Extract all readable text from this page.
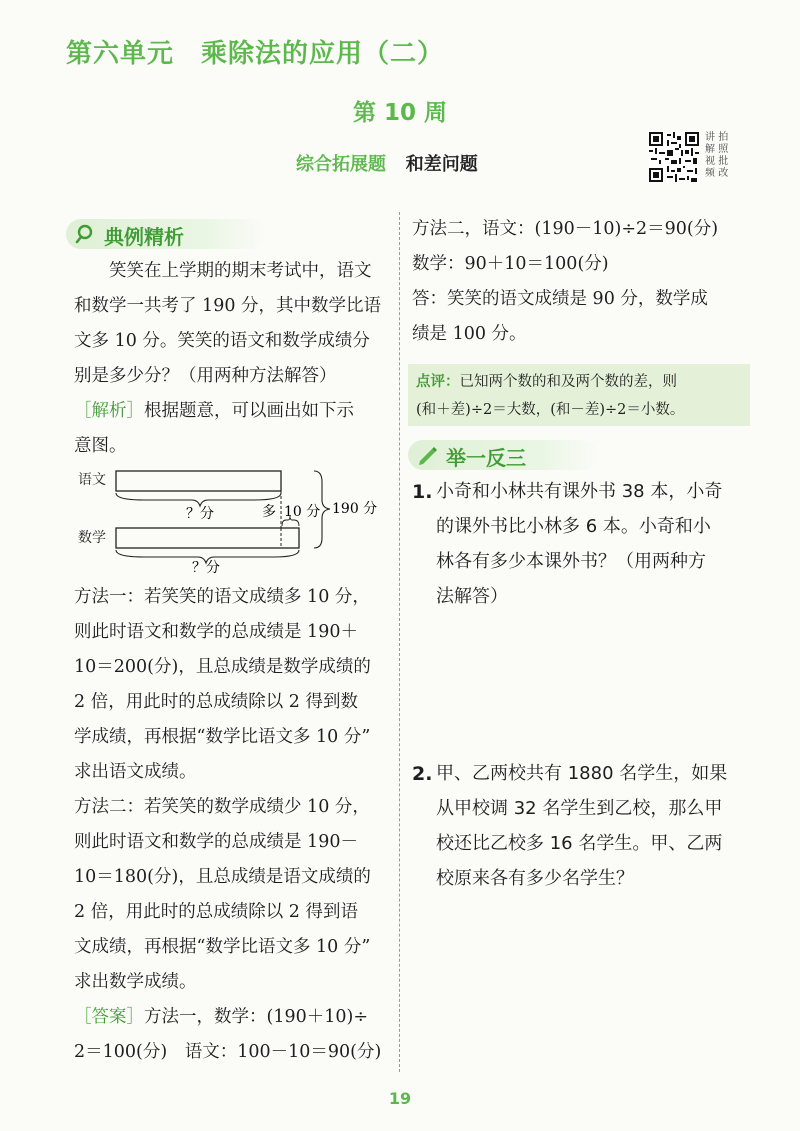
第六单元　乘除法的应用（二）
第 10 周
综合拓展题 和差问题
讲 拍
解 照
视 批
频 改
典例精析
笑笑在上学期的期末考试中，语文
和数学一共考了 190 分，其中数学比语
文多 10 分。笑笑的语文和数学成绩分
别是多少分？（用两种方法解答）
［解析］根据题意，可以画出如下示
意图。
语文
数学
？分
？分
多 10 分 190 分
方法一：若笑笑的语文成绩多 10 分，
则此时语文和数学的总成绩是 190＋
10＝200(分)，且总成绩是数学成绩的
2 倍，用此时的总成绩除以 2 得到数
学成绩，再根据“数学比语文多 10 分”
求出语文成绩。
方法二：若笑笑的数学成绩少 10 分，
则此时语文和数学的总成绩是 190－
10＝180(分)，且总成绩是语文成绩的
2 倍，用此时的总成绩除以 2 得到语
文成绩，再根据“数学比语文多 10 分”
求出数学成绩。
［答案］方法一，数学：(190＋10)÷
2＝100(分)　语文：100－10＝90(分)
方法二，语文：(190－10)÷2＝90(分)
数学：90＋10＝100(分)
答：笑笑的语文成绩是 90 分，数学成
绩是 100 分。
点评：已知两个数的和及两个数的差，则
(和＋差)÷2＝大数，(和－差)÷2＝小数。
举一反三
1. 小奇和小林共有课外书 38 本，小奇
的课外书比小林多 6 本。小奇和小
林各有多少本课外书？（用两种方
法解答）
2. 甲、乙两校共有 1880 名学生，如果
从甲校调 32 名学生到乙校，那么甲
校还比乙校多 16 名学生。甲、乙两
校原来各有多少名学生？
19
